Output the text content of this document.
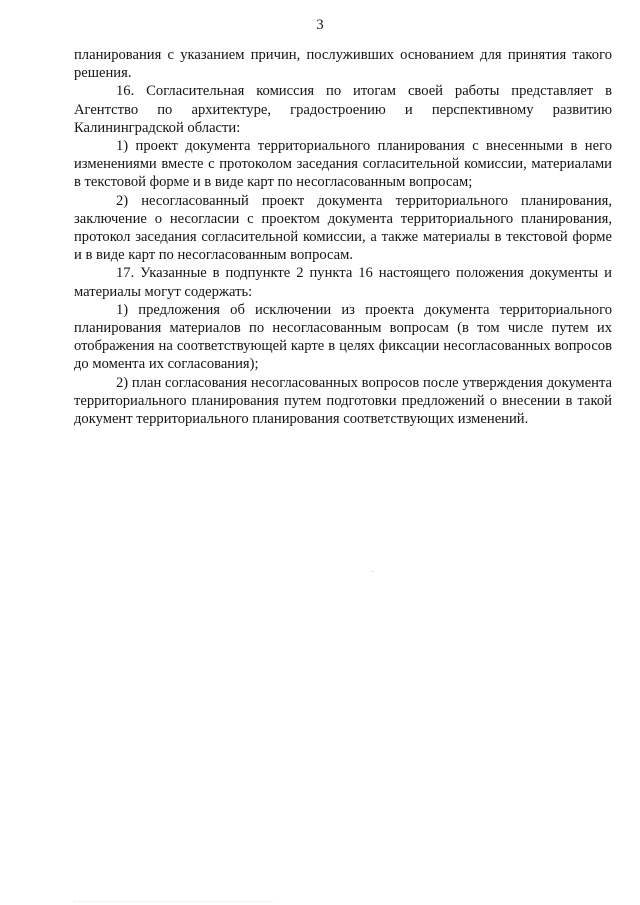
3

планирования с указанием причин, послуживших основанием для принятия такого решения.

16. Согласительная комиссия по итогам своей работы представляет в Агентство по архитектуре, градостроению и перспективному развитию Калининградской области:

1) проект документа территориального планирования с внесенными в него изменениями вместе с протоколом заседания согласительной комиссии, материалами в текстовой форме и в виде карт по несогласованным вопросам;

2) несогласованный проект документа территориального планирования, заключение о несогласии с проектом документа территориального планирования, протокол заседания согласительной комиссии, а также материалы в текстовой форме и в виде карт по несогласованным вопросам.

17. Указанные в подпункте 2 пункта 16 настоящего положения документы и материалы могут содержать:

1) предложения об исключении из проекта документа территориального планирования материалов по несогласованным вопросам (в том числе путем их отображения на соответствующей карте в целях фиксации несогласованных вопросов до момента их согласования);

2) план согласования несогласованных вопросов после утверждения документа территориального планирования путем подготовки предложений о внесении в такой документ территориального планирования соответствующих изменений.
